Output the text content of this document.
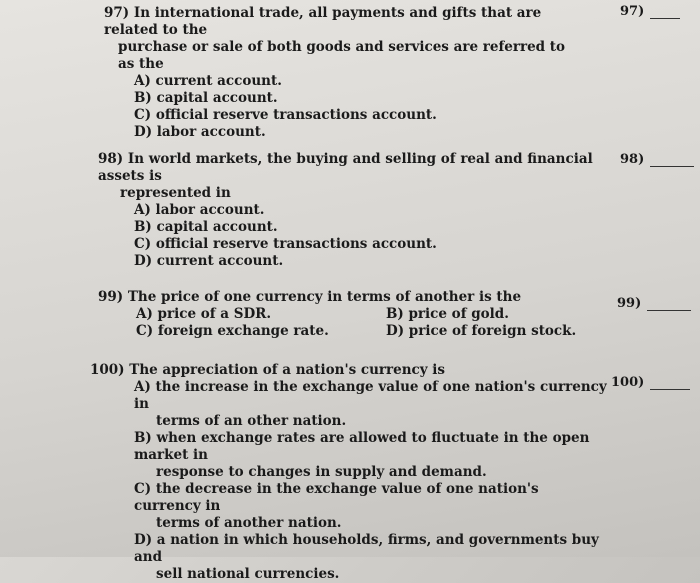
97) In international trade, all payments and gifts that are related to the
purchase or sale of both goods and services are referred to as the
A) current account.
B) capital account.
C) official reserve transactions account.
D) labor account.
97)
98) In world markets, the buying and selling of real and financial assets is
represented in
A) labor account.
B) capital account.
C) official reserve transactions account.
D) current account.
98)
99) The price of one currency in terms of another is the
A) price of a SDR.	B) price of gold.
C) foreign exchange rate.	D) price of foreign stock.
99)
100) The appreciation of a nation's currency is
A) the increase in the exchange value of one nation's currency in
terms of an other nation.
B) when exchange rates are allowed to fluctuate in the open market in
response to changes in supply and demand.
C) the decrease in the exchange value of one nation's currency in
terms of another nation.
D) a nation in which households, firms, and governments buy and
sell national currencies.
100)
